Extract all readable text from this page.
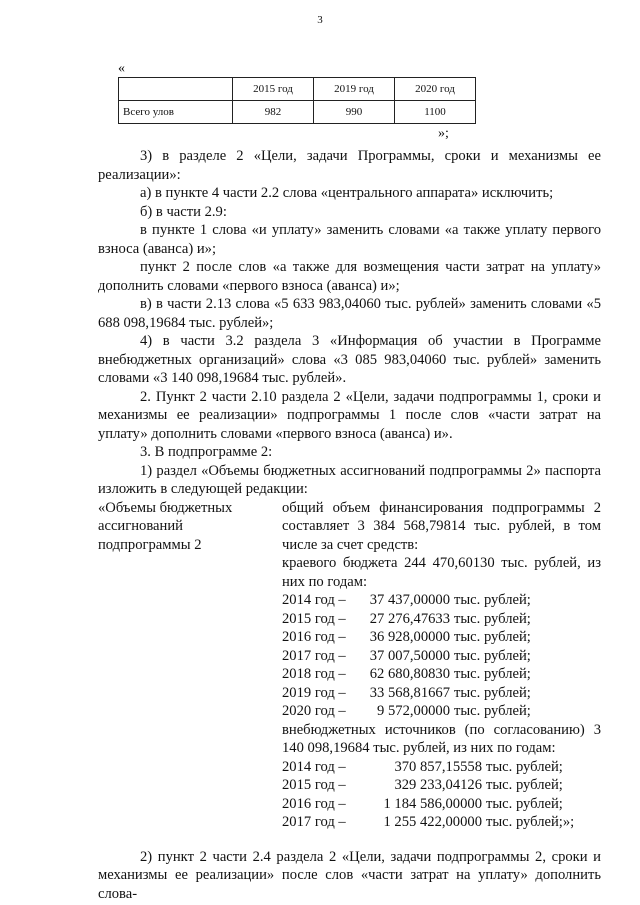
3
«
	2015 год	2019 год	2020 год
Всего улов	982	990	1100
»;

3) в разделе 2 «Цели, задачи Программы, сроки и механизмы ее реализации»:

а) в пункте 4 части 2.2 слова «центрального аппарата» исключить;

б) в части 2.9:

в пункте 1 слова «и уплату» заменить словами «а также уплату первого взноса (аванса) и»;

пункт 2 после слов «а также для возмещения части затрат на уплату» дополнить словами «первого взноса (аванса) и»;

в) в части 2.13 слова «5 633 983,04060 тыс. рублей» заменить словами «5 688 098,19684 тыс. рублей»;

4) в части 3.2 раздела 3 «Информация об участии в Программе внебюджетных организаций» слова «3 085 983,04060 тыс. рублей» заменить словами «3 140 098,19684 тыс. рублей».

2. Пункт 2 части 2.10 раздела 2 «Цели, задачи подпрограммы 1, сроки и механизмы ее реализации» подпрограммы 1 после слов «части затрат на уплату» дополнить словами «первого взноса (аванса) и».

3. В подпрограмме 2:

1) раздел «Объемы бюджетных ассигнований подпрограммы 2» паспорта изложить в следующей редакции:

«Объемы бюджетных
ассигнований
подпрограммы 2

общий объем финансирования подпрограммы 2 составляет 3 384 568,79814 тыс. рублей, в том числе за счет средств:

краевого бюджета 244 470,60130 тыс. рублей, из них по годам:

2014 год –	37 437,00000 тыс. рублей;
2015 год –	27 276,47633 тыс. рублей;
2016 год –	36 928,00000 тыс. рублей;
2017 год –	37 007,50000 тыс. рублей;
2018 год –	62 680,80830 тыс. рублей;
2019 год –	33 568,81667 тыс. рублей;
2020 год –	9 572,00000 тыс. рублей;

внебюджетных источников (по согласованию) 3 140 098,19684 тыс. рублей, из них по годам:

2014 год –	370 857,15558 тыс. рублей;
2015 год –	329 233,04126 тыс. рублей;
2016 год –	1 184 586,00000 тыс. рублей;
2017 год –	1 255 422,00000 тыс. рублей;»;

2) пункт 2 части 2.4 раздела 2 «Цели, задачи подпрограммы 2, сроки и механизмы ее реализации» после слов «части затрат на уплату» дополнить слова-
